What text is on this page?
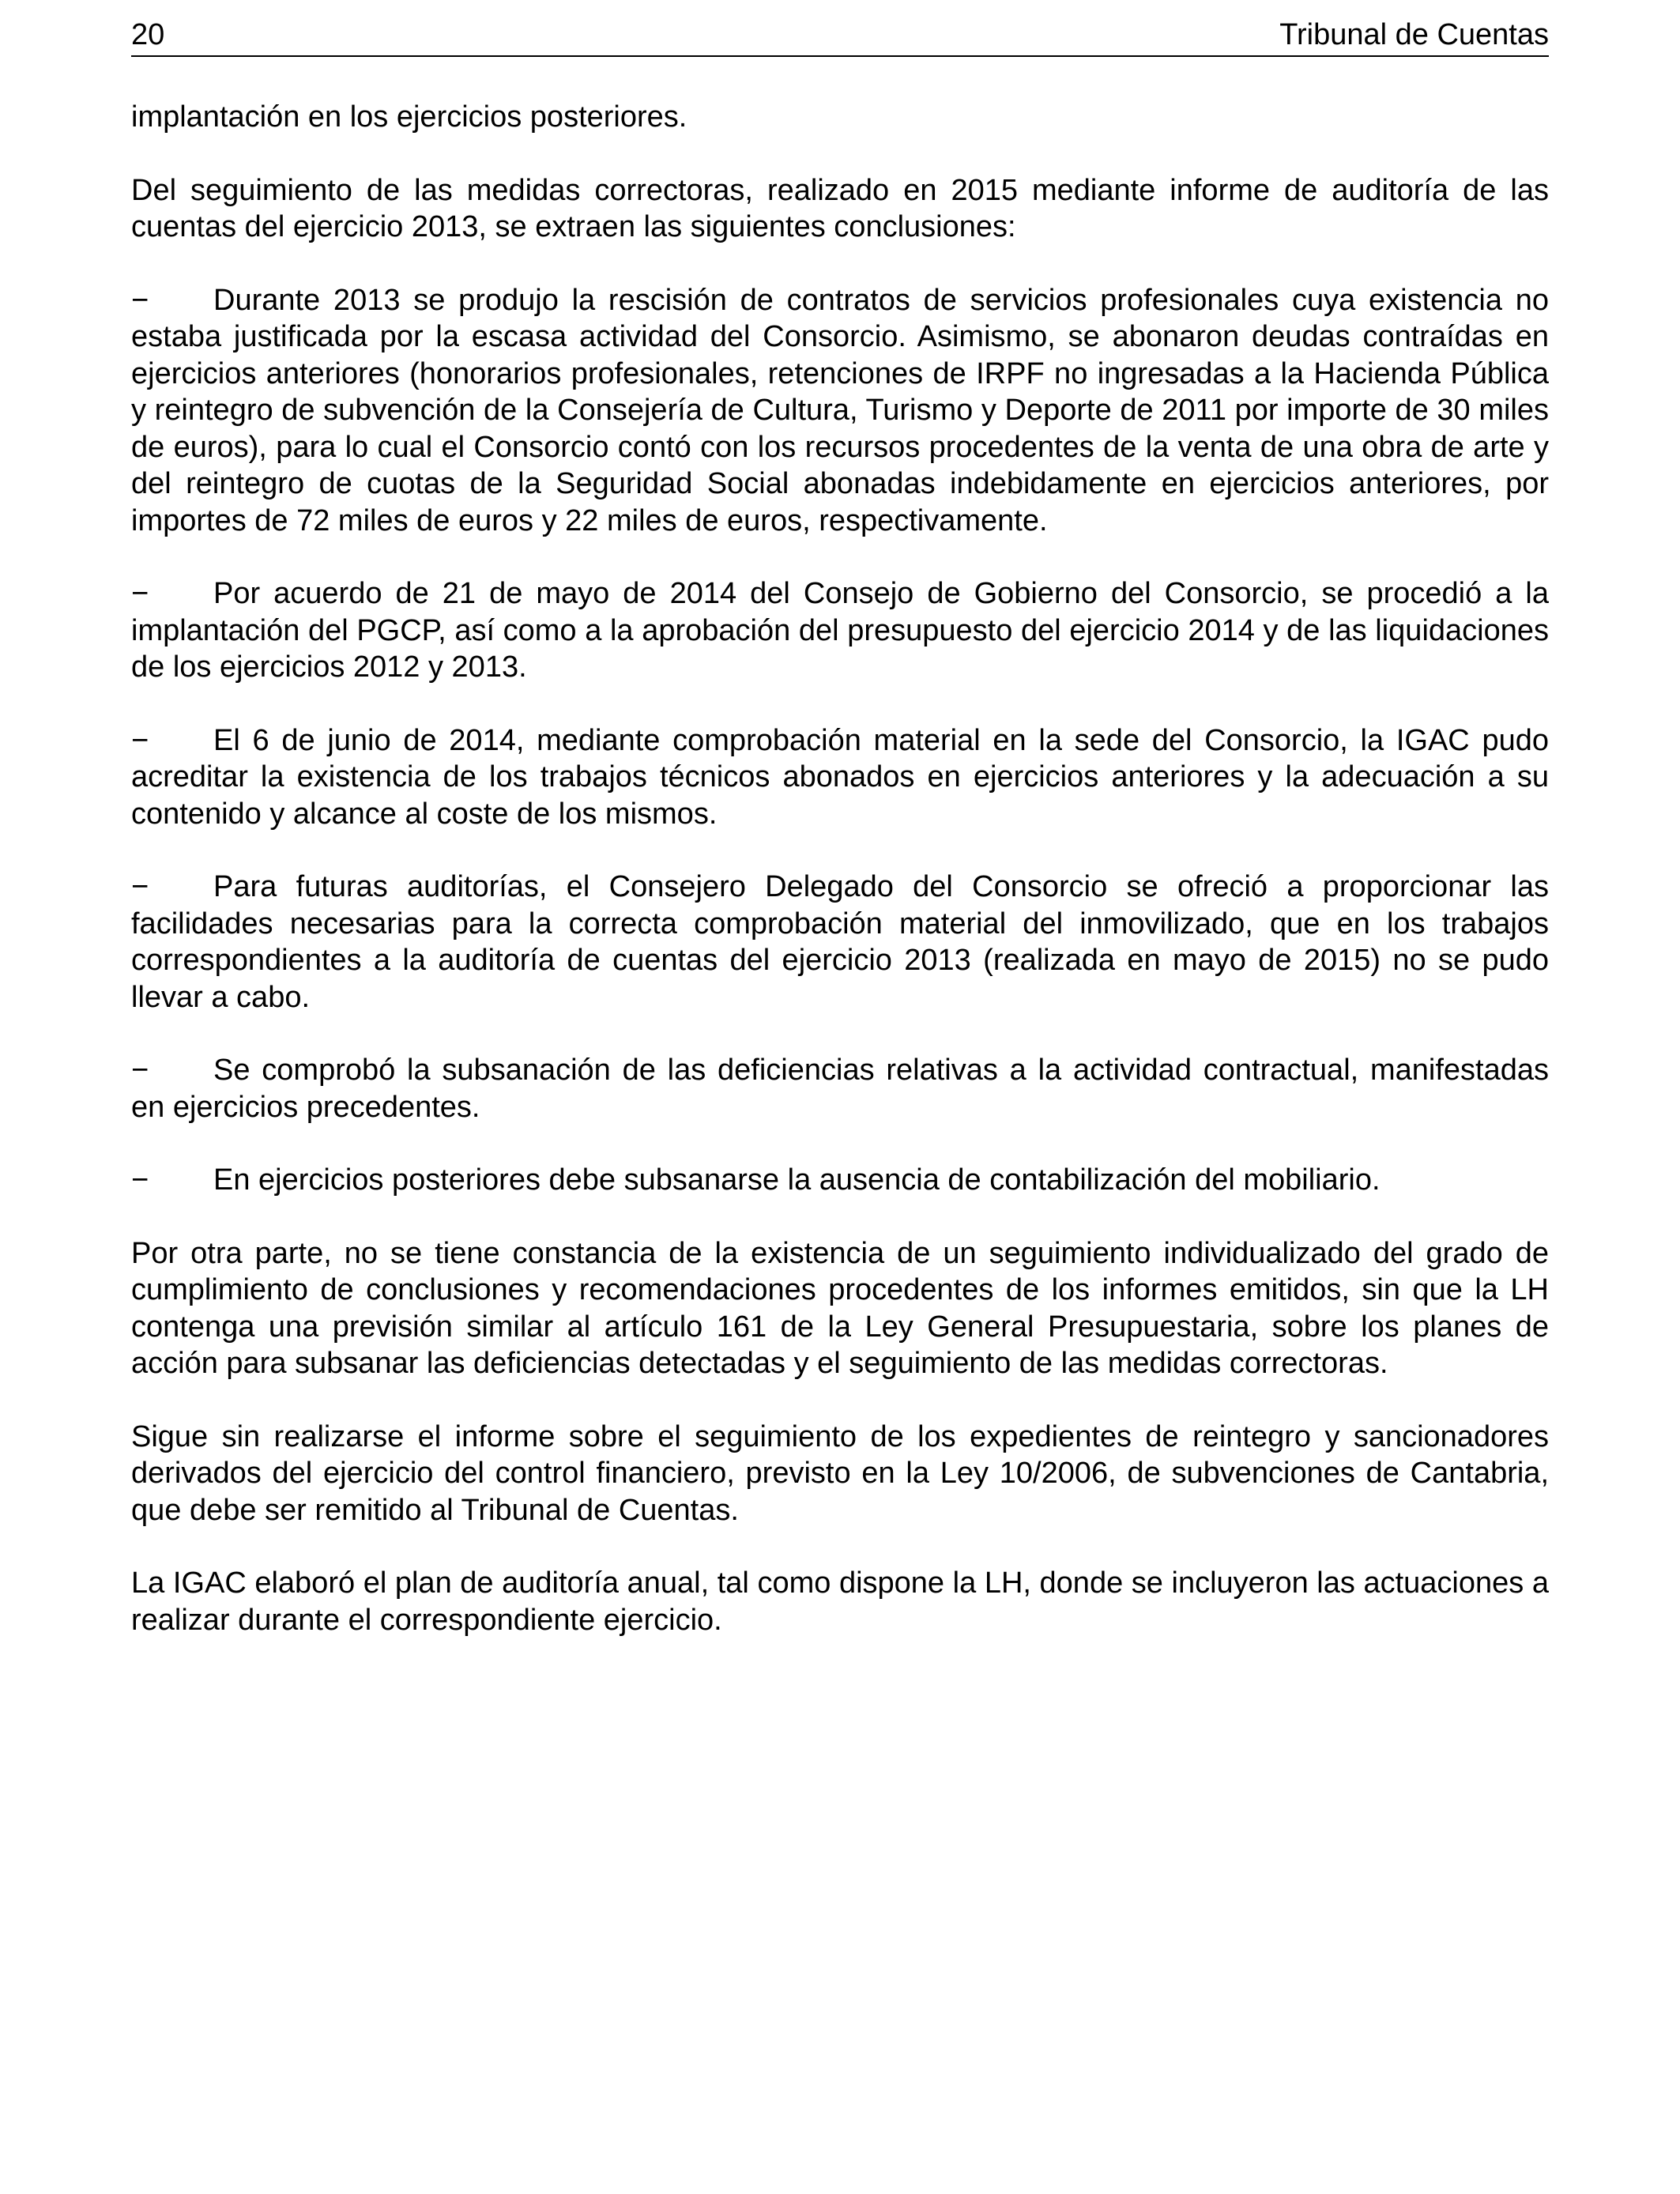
20	Tribunal de Cuentas

implantación en los ejercicios posteriores.

Del seguimiento de las medidas correctoras, realizado en 2015 mediante informe de auditoría de las cuentas del ejercicio 2013, se extraen las siguientes conclusiones:

− Durante 2013 se produjo la rescisión de contratos de servicios profesionales cuya existencia no estaba justificada por la escasa actividad del Consorcio. Asimismo, se abonaron deudas contraídas en ejercicios anteriores (honorarios profesionales, retenciones de IRPF no ingresadas a la Hacienda Pública y reintegro de subvención de la Consejería de Cultura, Turismo y Deporte de 2011 por importe de 30 miles de euros), para lo cual el Consorcio contó con los recursos procedentes de la venta de una obra de arte y del reintegro de cuotas de la Seguridad Social abonadas indebidamente en ejercicios anteriores, por importes de 72 miles de euros y 22 miles de euros, respectivamente.

− Por acuerdo de 21 de mayo de 2014 del Consejo de Gobierno del Consorcio, se procedió a la implantación del PGCP, así como a la aprobación del presupuesto del ejercicio 2014 y de las liquidaciones de los ejercicios 2012 y 2013.

− El 6 de junio de 2014, mediante comprobación material en la sede del Consorcio, la IGAC pudo acreditar la existencia de los trabajos técnicos abonados en ejercicios anteriores y la adecuación a su contenido y alcance al coste de los mismos.

− Para futuras auditorías, el Consejero Delegado del Consorcio se ofreció a proporcionar las facilidades necesarias para la correcta comprobación material del inmovilizado, que en los trabajos correspondientes a la auditoría de cuentas del ejercicio 2013 (realizada en mayo de 2015) no se pudo llevar a cabo.

− Se comprobó la subsanación de las deficiencias relativas a la actividad contractual, manifestadas en ejercicios precedentes.

− En ejercicios posteriores debe subsanarse la ausencia de contabilización del mobiliario.

Por otra parte, no se tiene constancia de la existencia de un seguimiento individualizado del grado de cumplimiento de conclusiones y recomendaciones procedentes de los informes emitidos, sin que la LH contenga una previsión similar al artículo 161 de la Ley General Presupuestaria, sobre los planes de acción para subsanar las deficiencias detectadas y el seguimiento de las medidas correctoras.

Sigue sin realizarse el informe sobre el seguimiento de los expedientes de reintegro y sancionadores derivados del ejercicio del control financiero, previsto en la Ley 10/2006, de subvenciones de Cantabria, que debe ser remitido al Tribunal de Cuentas.

La IGAC elaboró el plan de auditoría anual, tal como dispone la LH, donde se incluyeron las actuaciones a realizar durante el correspondiente ejercicio.
